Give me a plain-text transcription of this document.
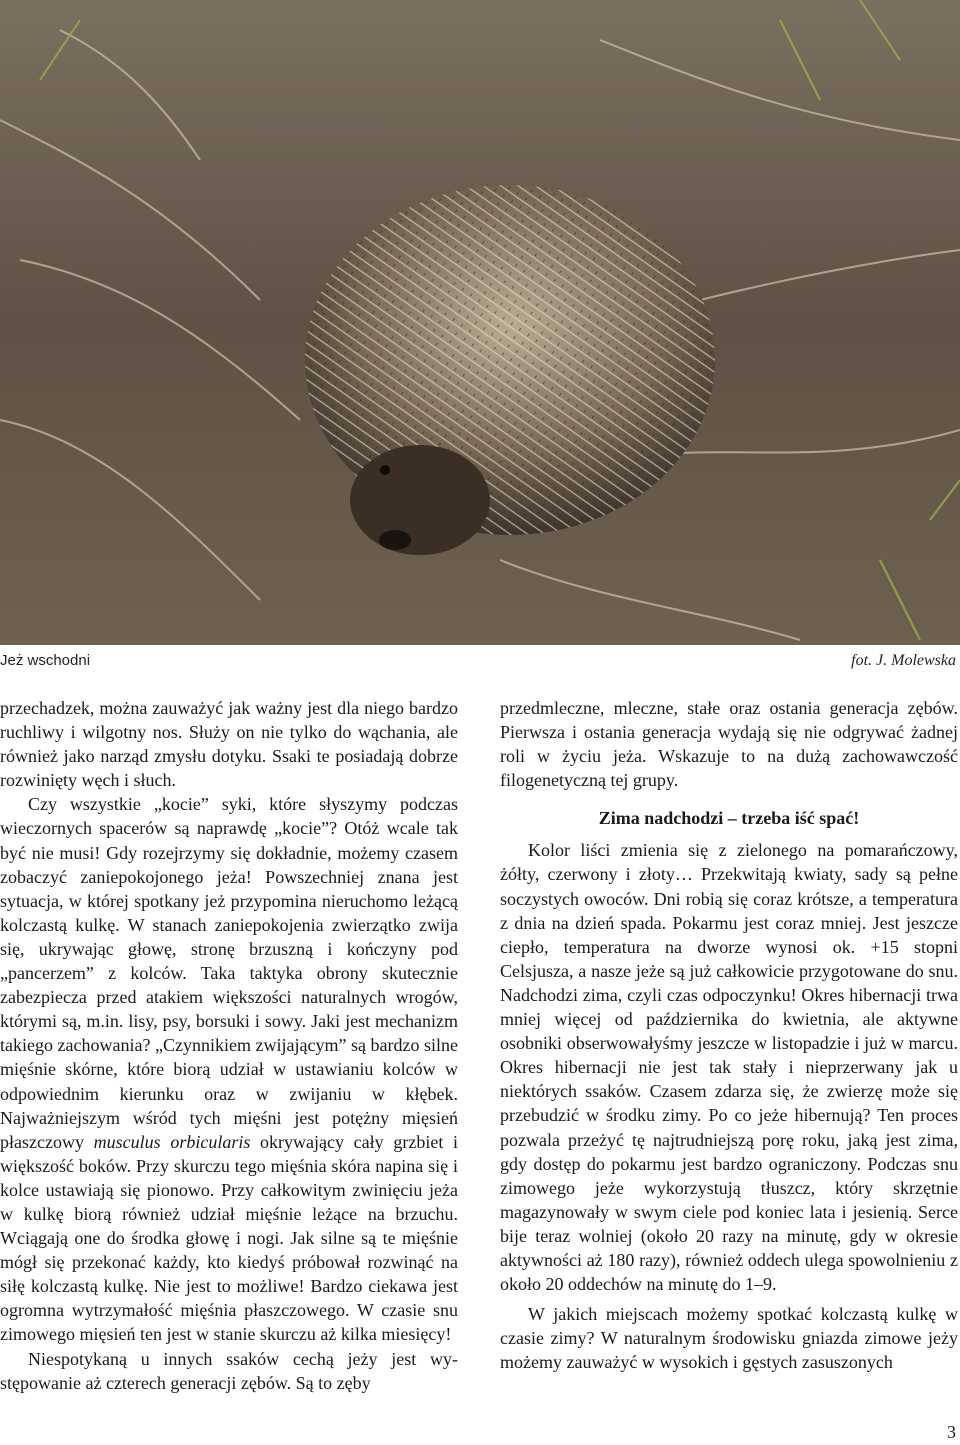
Jeż wschodni	fot. J. Molewska

przechadzek, można zauważyć jak ważny jest dla niego bardzo ruchliwy i wilgotny nos. Służy on nie tylko do wąchania, ale również jako narząd zmysłu dotyku. Ssaki te posiadają dobrze rozwinięty węch i słuch.

Czy wszystkie „kocie” syki, które słyszymy podczas wieczornych spacerów są naprawdę „kocie”? Otóż wcale tak być nie musi! Gdy rozejrzymy się dokładnie, możemy czasem zobaczyć zaniepokojonego jeża! Powszechniej znana jest sytuacja, w której spotkany jeż przypomina nieruchomo leżącą kolczastą kulkę. W stanach zaniepokojenia zwierzątko zwija się, ukrywając głowę, stronę brzuszną i kończyny pod „pancerzem” z kolców. Taka taktyka obrony skutecznie zabezpiecza przed atakiem większości naturalnych wrogów, którymi są, m.in. lisy, psy, borsuki i sowy. Jaki jest mechanizm takiego zachowania? „Czynnikiem zwijającym” są bardzo silne mięśnie skórne, które biorą udział w ustawianiu kolców w odpowiednim kierunku oraz w zwijaniu w kłębek. Najważniejszym wśród tych mięśni jest potężny mięsień płaszczowy musculus orbicularis okrywający cały grzbiet i większość boków. Przy skurczu tego mięśnia skóra napina się i kolce ustawiają się pionowo. Przy całkowitym zwinięciu jeża w kulkę biorą również udział mięśnie leżące na brzuchu. Wciągają one do środka głowę i nogi. Jak silne są te mięśnie mógł się przekonać każdy, kto kiedyś próbował rozwinąć na siłę kolczastą kulkę. Nie jest to możliwe! Bardzo ciekawa jest ogromna wytrzymałość mięśnia płaszczowego. W czasie snu zimowego mięsień ten jest w stanie skurczu aż kilka miesięcy!

Niespotykaną u innych ssaków cechą jeży jest występowanie aż czterech generacji zębów. Są to zęby

przedmleczne, mleczne, stałe oraz ostania generacja zębów. Pierwsza i ostania generacja wydają się nie odgrywać żadnej roli w życiu jeża. Wskazuje to na dużą zachowawczość filogenetyczną tej grupy.

Zima nadchodzi – trzeba iść spać!

Kolor liści zmienia się z zielonego na pomarańczowy, żółty, czerwony i złoty… Przekwitają kwiaty, sady są pełne soczystych owoców. Dni robią się coraz krótsze, a temperatura z dnia na dzień spada. Pokarmu jest coraz mniej. Jest jeszcze ciepło, temperatura na dworze wynosi ok. +15 stopni Celsjusza, a nasze jeże są już całkowicie przygotowane do snu. Nadchodzi zima, czyli czas odpoczynku! Okres hibernacji trwa mniej więcej od października do kwietnia, ale aktywne osobniki obserwowałyśmy jeszcze w listopadzie i już w marcu. Okres hibernacji nie jest tak stały i nieprzerwany jak u niektórych ssaków. Czasem zdarza się, że zwierzę może się przebudzić w środku zimy. Po co jeże hibernują? Ten proces pozwala przeżyć tę najtrudniejszą porę roku, jaką jest zima, gdy dostęp do pokarmu jest bardzo ograniczony. Podczas snu zimowego jeże wykorzystują tłuszcz, który skrzętnie magazynowały w swym ciele pod koniec lata i jesienią. Serce bije teraz wolniej (około 20 razy na minutę, gdy w okresie aktywności aż 180 razy), również oddech ulega spowolnieniu z około 20 oddechów na minutę do 1–9.

W jakich miejscach możemy spotkać kolczastą kulkę w czasie zimy? W naturalnym środowisku gniazda zimowe jeży możemy zauważyć w wysokich i gęstych zasuszonych

3
